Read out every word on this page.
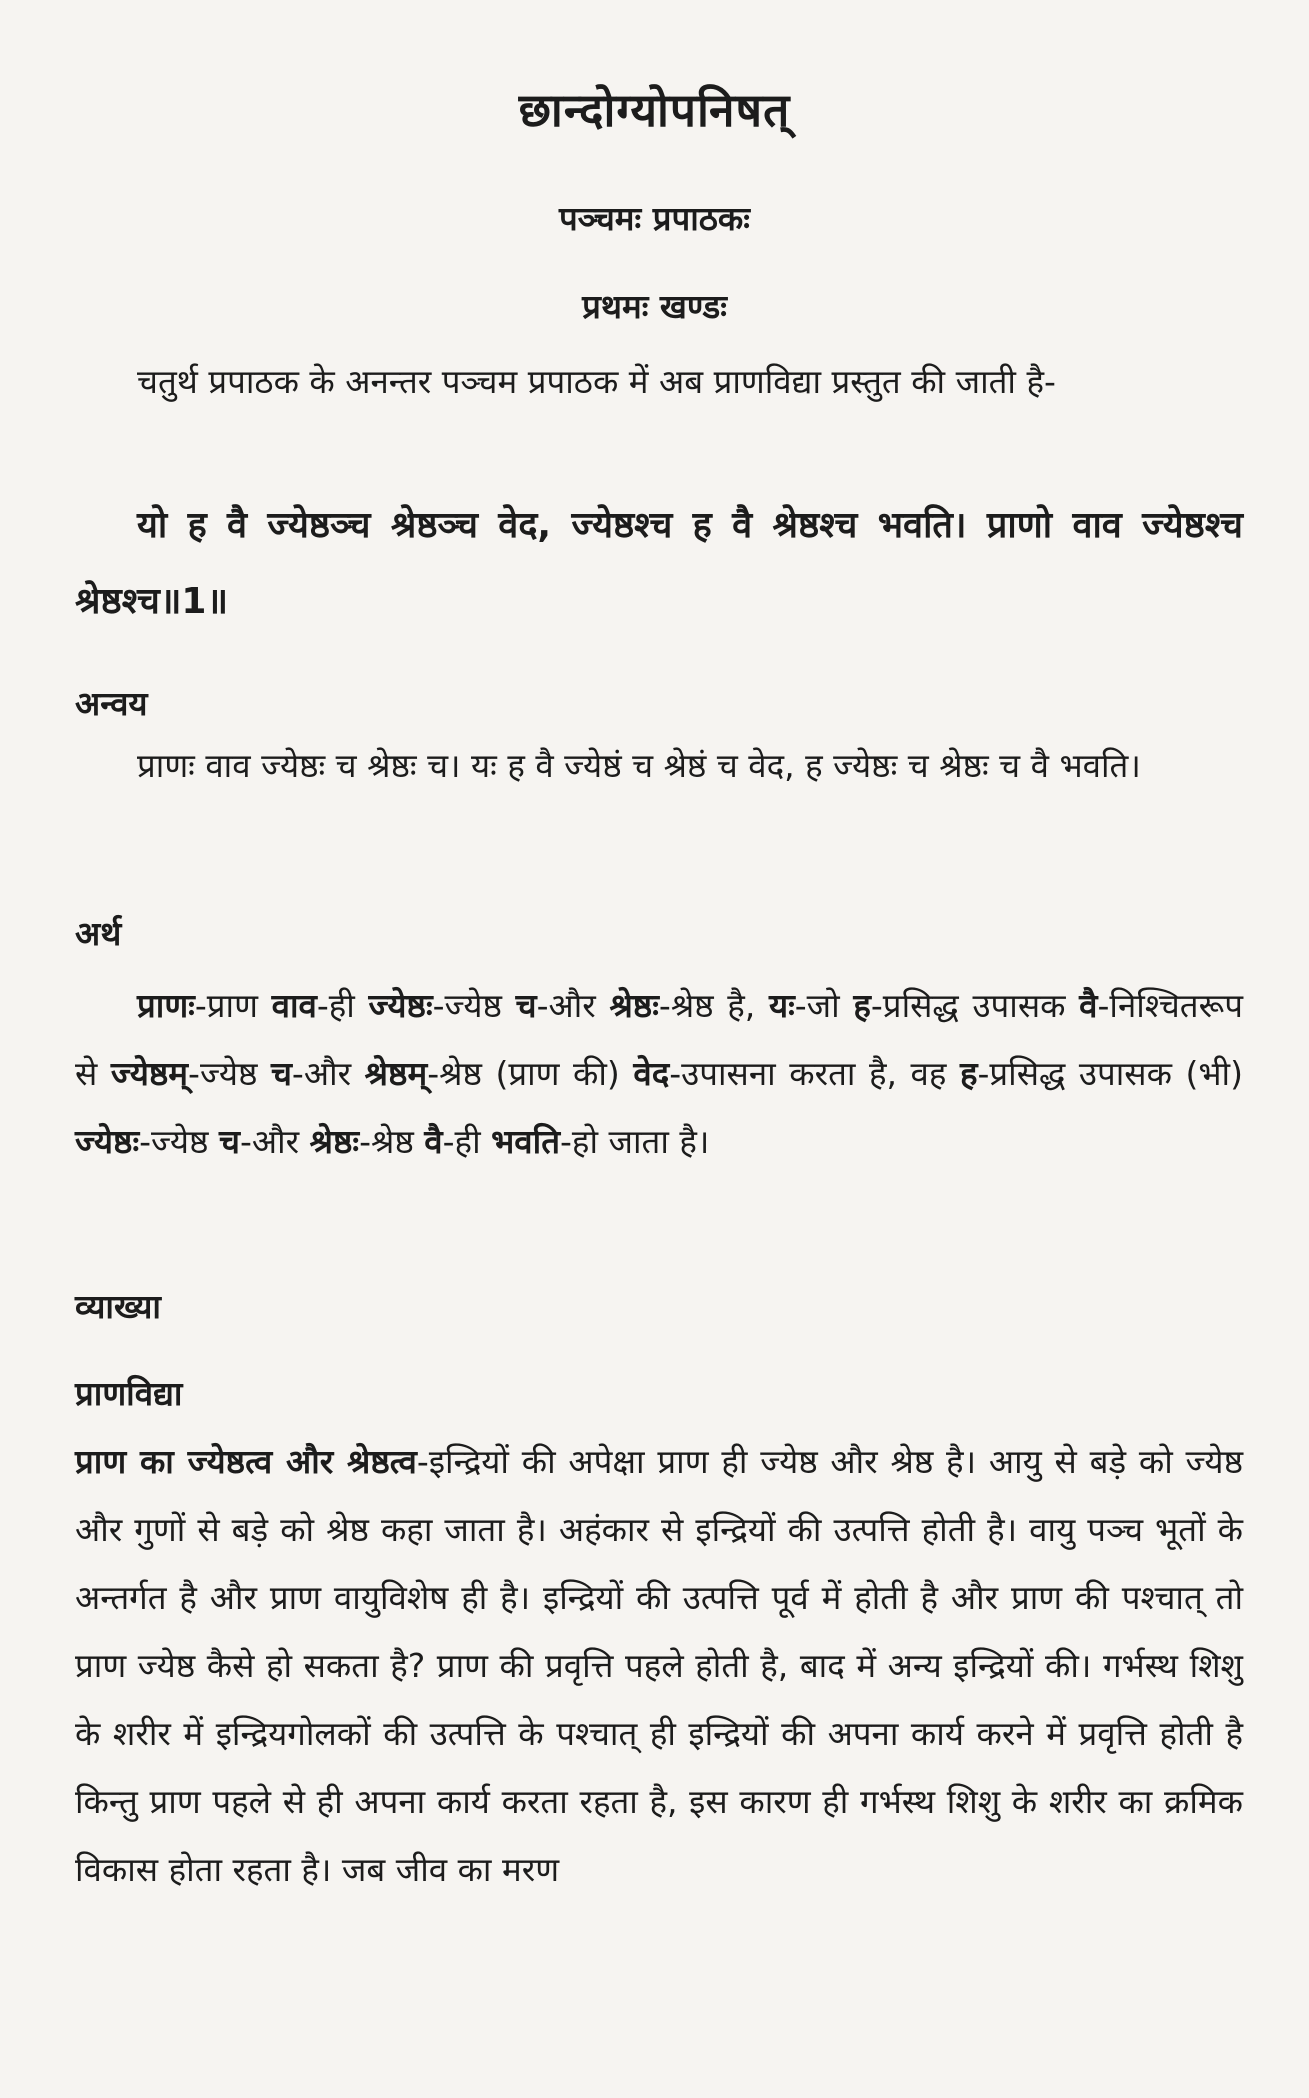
छान्दोग्योपनिषत्
पञ्चमः प्रपाठकः
प्रथमः खण्डः

चतुर्थ प्रपाठक के अनन्तर पञ्चम प्रपाठक में अब प्राणविद्या प्रस्तुत की जाती है-

यो ह वै ज्येष्ठञ्च श्रेष्ठञ्च वेद, ज्येष्ठश्च ह वै श्रेष्ठश्च भवति। प्राणो वाव ज्येष्ठश्च श्रेष्ठश्च॥1॥

अन्वय

प्राणः वाव ज्येष्ठः च श्रेष्ठः च। यः ह वै ज्येष्ठं च श्रेष्ठं च वेद, ह ज्येष्ठः च श्रेष्ठः च वै भवति।

अर्थ

प्राणः-प्राण वाव-ही ज्येष्ठः-ज्येष्ठ च-और श्रेष्ठः-श्रेष्ठ है, यः-जो ह-प्रसिद्ध उपासक वै-निश्चितरूप से ज्येष्ठम्-ज्येष्ठ च-और श्रेष्ठम्-श्रेष्ठ (प्राण की) वेद-उपासना करता है, वह ह-प्रसिद्ध उपासक (भी) ज्येष्ठः-ज्येष्ठ च-और श्रेष्ठः-श्रेष्ठ वै-ही भवति-हो जाता है।

व्याख्या
प्राणविद्या

प्राण का ज्येष्ठत्व और श्रेष्ठत्व-इन्द्रियों की अपेक्षा प्राण ही ज्येष्ठ और श्रेष्ठ है। आयु से बड़े को ज्येष्ठ और गुणों से बड़े को श्रेष्ठ कहा जाता है। अहंकार से इन्द्रियों की उत्पत्ति होती है। वायु पञ्च भूतों के अन्तर्गत है और प्राण वायुविशेष ही है। इन्द्रियों की उत्पत्ति पूर्व में होती है और प्राण की पश्चात् तो प्राण ज्येष्ठ कैसे हो सकता है? प्राण की प्रवृत्ति पहले होती है, बाद में अन्य इन्द्रियों की। गर्भस्थ शिशु के शरीर में इन्द्रियगोलकों की उत्पत्ति के पश्चात् ही इन्द्रियों की अपना कार्य करने में प्रवृत्ति होती है किन्तु प्राण पहले से ही अपना कार्य करता रहता है, इस कारण ही गर्भस्थ शिशु के शरीर का क्रमिक विकास होता रहता है। जब जीव का मरण
